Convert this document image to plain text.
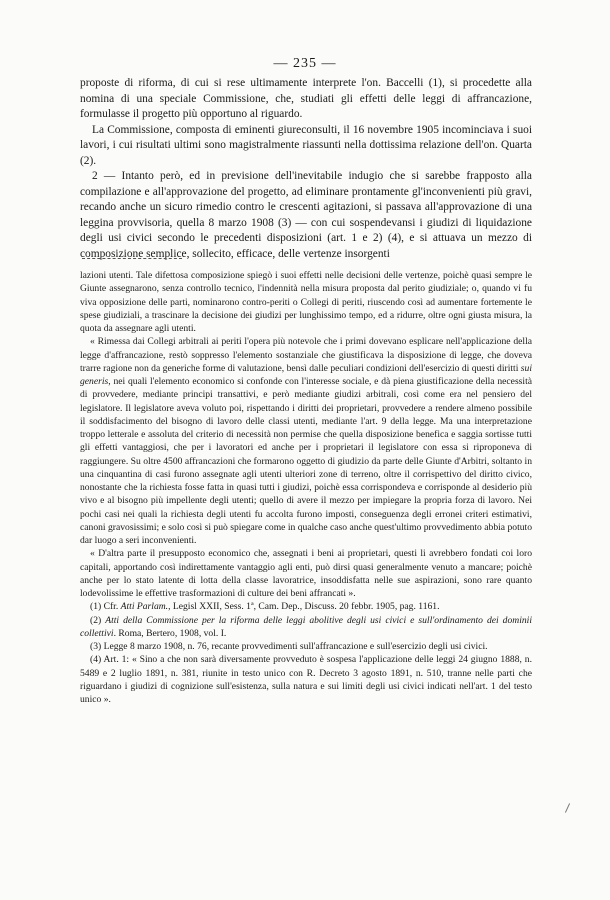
— 235 —

proposte di riforma, di cui si rese ultimamente interprete l'on. Baccelli (1), si procedette alla nomina di una speciale Commissione, che, studiati gli effetti delle leggi di affrancazione, formulasse il progetto più opportuno al riguardo.

La Commissione, composta di eminenti giureconsulti, il 16 novembre 1905 incominciava i suoi lavori, i cui risultati ultimi sono magistralmente riassunti nella dottissima relazione dell'on. Quarta (2).

2 — Intanto però, ed in previsione dell'inevitabile indugio che si sarebbe frapposto alla compilazione e all'approvazione del progetto, ad eliminare prontamente gl'inconvenienti più gravi, recando anche un sicuro rimedio contro le crescenti agitazioni, si passava all'approvazione di una leggina provvisoria, quella 8 marzo 1908 (3) — con cui sospendevansi i giudizi di liquidazione degli usi civici secondo le precedenti disposizioni (art. 1 e 2) (4), e si attuava un mezzo di composizione semplice, sollecito, efficace, delle vertenze insorgenti

lazioni utenti. Tale difettosa composizione spiegò i suoi effetti nelle decisioni delle vertenze, poichè quasi sempre le Giunte assegnarono, senza controllo tecnico, l'indennità nella misura proposta dal perito giudiziale; o, quando vi fu viva opposizione delle parti, nominarono contro-periti o Collegi di periti, riuscendo così ad aumentare fortemente le spese giudiziali, a trascinare la decisione dei giudizi per lunghissimo tempo, ed a ridurre, oltre ogni giusta misura, la quota da assegnare agli utenti.

« Rimessa dai Collegi arbitrali ai periti l'opera più notevole che i primi dovevano esplicare nell'applicazione della legge d'affrancazione, restò soppresso l'elemento sostanziale che giustificava la disposizione di legge, che doveva trarre ragione non da generiche forme di valutazione, bensì dalle peculiari condizioni dell'esercizio di questi diritti sui generis, nei quali l'elemento economico si confonde con l'interesse sociale, e dà piena giustificazione della necessità di provvedere, mediante principi transattivi, e però mediante giudizi arbitrali, così come era nel pensiero del legislatore. Il legislatore aveva voluto poi, rispettando i diritti dei proprietari, provvedere a rendere almeno possibile il soddisfacimento del bisogno di lavoro delle classi utenti, mediante l'art. 9 della legge. Ma una interpretazione troppo letterale e assoluta del criterio di necessità non permise che quella disposizione benefica e saggia sortisse tutti gli effetti vantaggiosi, che per i lavoratori ed anche per i proprietari il legislatore con essa si riproponeva di raggiungere. Su oltre 4500 affrancazioni che formarono oggetto di giudizio da parte delle Giunte d'Arbitri, soltanto in una cinquantina di casi furono assegnate agli utenti ulteriori zone di terreno, oltre il corrispettivo del diritto civico, nonostante che la richiesta fosse fatta in quasi tutti i giudizi, poichè essa corrispondeva e corrisponde al desiderio più vivo e al bisogno più impellente degli utenti; quello di avere il mezzo per impiegare la propria forza di lavoro. Nei pochi casi nei quali la richiesta degli utenti fu accolta furono imposti, conseguenza degli erronei criteri estimativi, canoni gravosissimi; e solo così si può spiegare come in qualche caso anche quest'ultimo provvedimento abbia potuto dar luogo a seri inconvenienti.

« D'altra parte il presupposto economico che, assegnati i beni ai proprietari, questi li avrebbero fondati coi loro capitali, apportando così indirettamente vantaggio agli enti, può dirsi quasi generalmente venuto a mancare; poichè anche per lo stato latente di lotta della classe lavoratrice, insoddisfatta nelle sue aspirazioni, sono rare quanto lodevolissime le effettive trasformazioni di culture dei beni affrancati ».

(1) Cfr. Atti Parlam., Legisl XXII, Sess. 1ª, Cam. Dep., Discuss. 20 febbr. 1905, pag. 1161.

(2) Atti della Commissione per la riforma delle leggi abolitive degli usi civici e sull'ordinamento dei dominii collettivi. Roma, Bertero, 1908, vol. I.

(3) Legge 8 marzo 1908, n. 76, recante provvedimenti sull'affrancazione e sull'esercizio degli usi civici.

(4) Art. 1: « Sino a che non sarà diversamente provveduto è sospesa l'applicazione delle leggi 24 giugno 1888, n. 5489 e 2 luglio 1891, n. 381, riunite in testo unico con R. Decreto 3 agosto 1891, n. 510, tranne nelle parti che riguardano i giudizi di cognizione sull'esistenza, sulla natura e sui limiti degli usi civici indicati nell'art. 1 del testo unico ».
